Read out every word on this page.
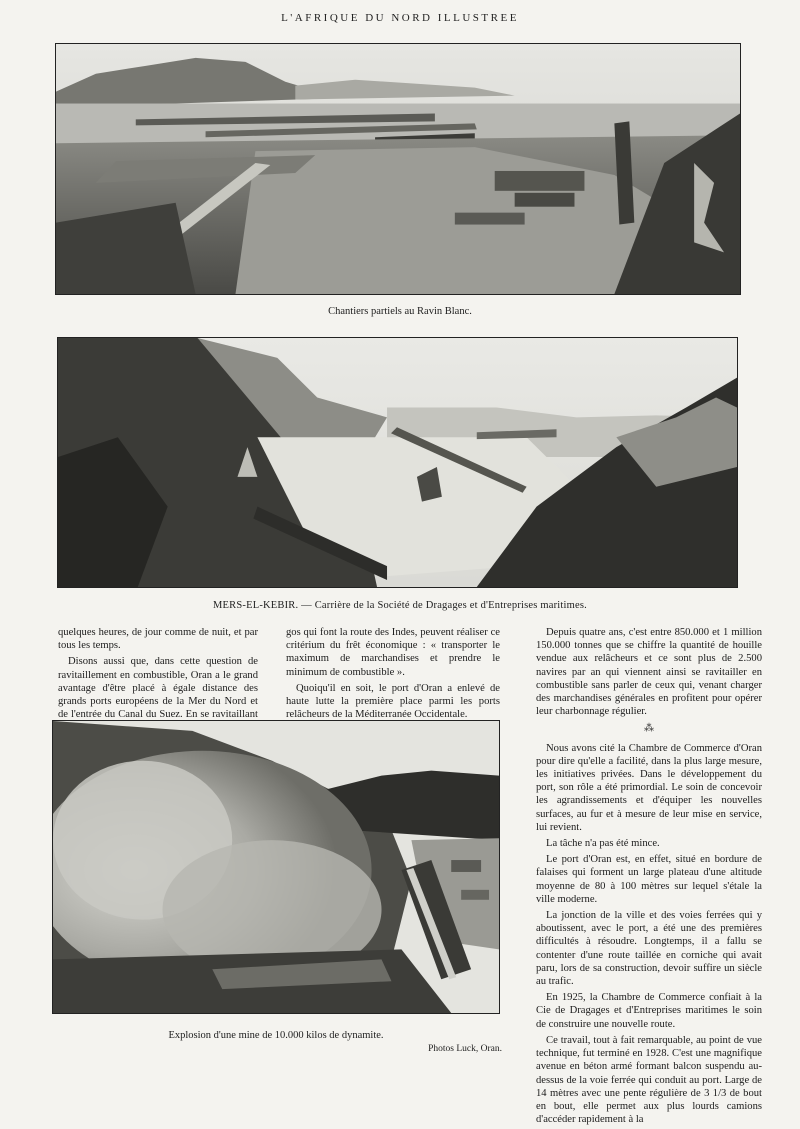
L'AFRIQUE DU NORD ILLUSTREE
Chantiers partiels au Ravin Blanc.
MERS-EL-KEBIR. — Carrière de la Société de Dragages et d'Entreprises maritimes.

quelques heures, de jour comme de nuit, et par tous les temps.

Disons aussi que, dans cette question de ravitaillement en combustible, Oran a le grand avantage d'être placé à égale distance des grands ports européens de la Mer du Nord et de l'entrée du Canal du Suez. En se ravitaillant

gos qui font la route des Indes, peuvent réaliser ce critérium du frêt économique : « transporter le maximum de marchandises et prendre le minimum de combustible ».

Quoiqu'il en soit, le port d'Oran a enlevé de haute lutte la première place parmi les ports relâcheurs de la Méditerranée Occidentale.

Depuis quatre ans, c'est entre 850.000 et 1 million 150.000 tonnes que se chiffre la quantité de houille vendue aux relâcheurs et ce sont plus de 2.500 navires par an qui viennent ainsi se ravitailler en combustible sans parler de ceux qui, venant charger des marchandises générales en profitent pour opérer leur charbonnage régulier.

⁂

Nous avons cité la Chambre de Commerce d'Oran pour dire qu'elle a facilité, dans la plus large mesure, les initiatives privées. Dans le développement du port, son rôle a été primordial. Le soin de concevoir les agrandissements et d'équiper les nouvelles surfaces, au fur et à mesure de leur mise en service, lui revient.

La tâche n'a pas été mince.

Le port d'Oran est, en effet, situé en bordure de falaises qui forment un large plateau d'une altitude moyenne de 80 à 100 mètres sur lequel s'étale la ville moderne.

La jonction de la ville et des voies ferrées qui y aboutissent, avec le port, a été une des premières difficultés à résoudre. Longtemps, il a fallu se contenter d'une route taillée en corniche qui avait paru, lors de sa construction, devoir suffire un siècle au trafic.

En 1925, la Chambre de Commerce confiait à la Cie de Dragages et d'Entreprises maritimes le soin de construire une nouvelle route.

Ce travail, tout à fait remarquable, au point de vue technique, fut terminé en 1928. C'est une magnifique avenue en béton armé formant balcon suspendu au-dessus de la voie ferrée qui conduit au port. Large de 14 mètres avec une pente régulière de 3 1/3 de bout en bout, elle permet aux plus lourds camions d'accéder rapidement à la

Explosion d'une mine de 10.000 kilos de dynamite.
Photos Luck, Oran.
